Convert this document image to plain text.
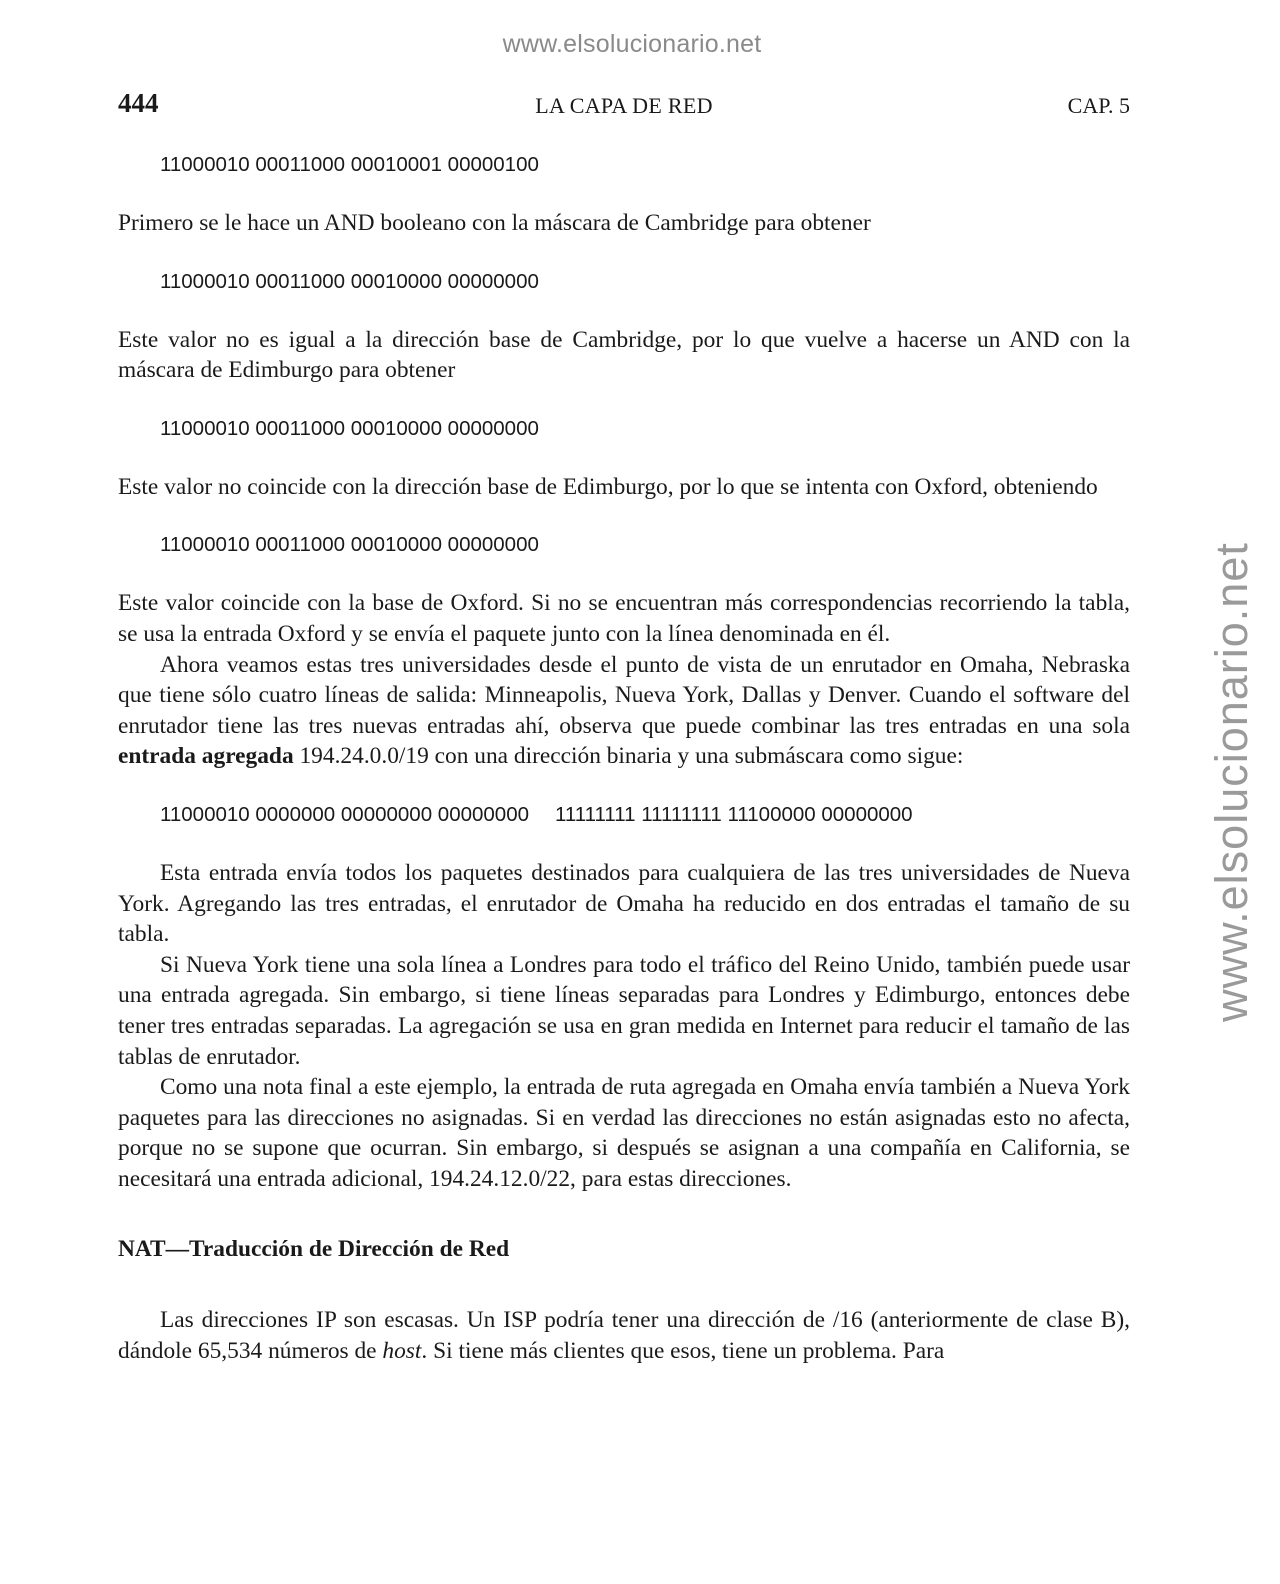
www.elsolucionario.net
www.elsolucionario.net
444	LA CAPA DE RED	CAP. 5
11000010 00011000 00010001 00000100

Primero se le hace un AND booleano con la máscara de Cambridge para obtener

11000010 00011000 00010000 00000000

Este valor no es igual a la dirección base de Cambridge, por lo que vuelve a hacerse un AND con la máscara de Edimburgo para obtener

11000010 00011000 00010000 00000000

Este valor no coincide con la dirección base de Edimburgo, por lo que se intenta con Oxford, obteniendo

11000010 00011000 00010000 00000000

Este valor coincide con la base de Oxford. Si no se encuentran más correspondencias recorriendo la tabla, se usa la entrada Oxford y se envía el paquete junto con la línea denominada en él.

Ahora veamos estas tres universidades desde el punto de vista de un enrutador en Omaha, Nebraska que tiene sólo cuatro líneas de salida: Minneapolis, Nueva York, Dallas y Denver. Cuando el software del enrutador tiene las tres nuevas entradas ahí, observa que puede combinar las tres entradas en una sola entrada agregada 194.24.0.0/19 con una dirección binaria y una submáscara como sigue:

11000010 0000000 00000000 00000000 11111111 11111111 11100000 00000000

Esta entrada envía todos los paquetes destinados para cualquiera de las tres universidades de Nueva York. Agregando las tres entradas, el enrutador de Omaha ha reducido en dos entradas el tamaño de su tabla.

Si Nueva York tiene una sola línea a Londres para todo el tráfico del Reino Unido, también puede usar una entrada agregada. Sin embargo, si tiene líneas separadas para Londres y Edimburgo, entonces debe tener tres entradas separadas. La agregación se usa en gran medida en Internet para reducir el tamaño de las tablas de enrutador.

Como una nota final a este ejemplo, la entrada de ruta agregada en Omaha envía también a Nueva York paquetes para las direcciones no asignadas. Si en verdad las direcciones no están asignadas esto no afecta, porque no se supone que ocurran. Sin embargo, si después se asignan a una compañía en California, se necesitará una entrada adicional, 194.24.12.0/22, para estas direcciones.

NAT—Traducción de Dirección de Red

Las direcciones IP son escasas. Un ISP podría tener una dirección de /16 (anteriormente de clase B), dándole 65,534 números de host. Si tiene más clientes que esos, tiene un problema. Para
